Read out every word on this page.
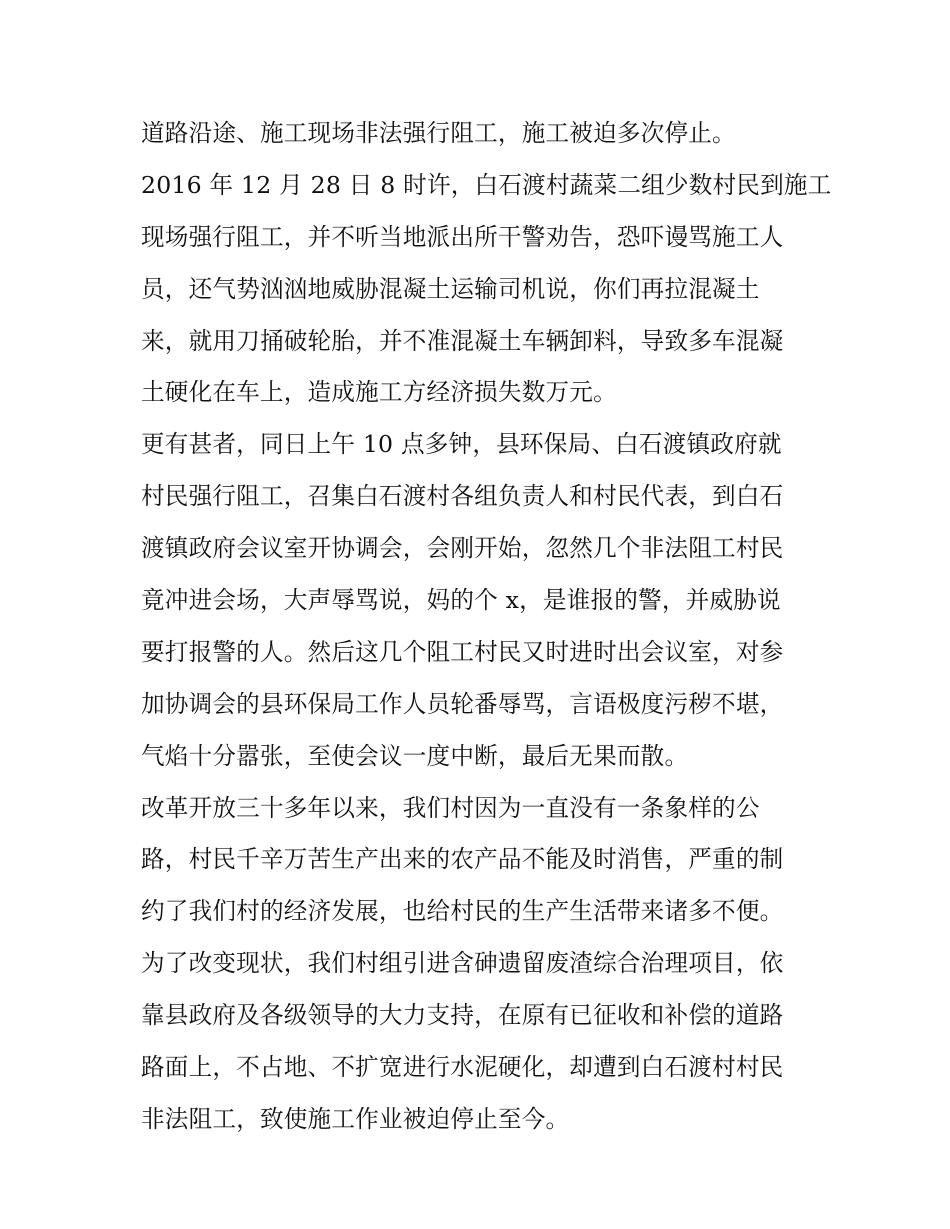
道路沿途、施工现场非法强行阻工，施工被迫多次停止。
2016 年 12 月 28 日 8 时许，白石渡村蔬菜二组少数村民到施工
现场强行阻工，并不听当地派出所干警劝告，恐吓谩骂施工人
员，还气势汹汹地威胁混凝土运输司机说，你们再拉混凝土
来，就用刀捅破轮胎，并不准混凝土车辆卸料，导致多车混凝
土硬化在车上，造成施工方经济损失数万元。
更有甚者，同日上午 10 点多钟，县环保局、白石渡镇政府就
村民强行阻工，召集白石渡村各组负责人和村民代表，到白石
渡镇政府会议室开协调会，会刚开始，忽然几个非法阻工村民
竟冲进会场，大声辱骂说，妈的个 x，是谁报的警，并威胁说
要打报警的人。然后这几个阻工村民又时进时出会议室，对参
加协调会的县环保局工作人员轮番辱骂，言语极度污秽不堪，
气焰十分嚣张，至使会议一度中断，最后无果而散。
改革开放三十多年以来，我们村因为一直没有一条象样的公
路，村民千辛万苦生产出来的农产品不能及时消售，严重的制
约了我们村的经济发展，也给村民的生产生活带来诸多不便。
为了改变现状，我们村组引进含砷遗留废渣综合治理项目，依
靠县政府及各级领导的大力支持，在原有已征收和补偿的道路
路面上，不占地、不扩宽进行水泥硬化，却遭到白石渡村村民
非法阻工，致使施工作业被迫停止至今。
